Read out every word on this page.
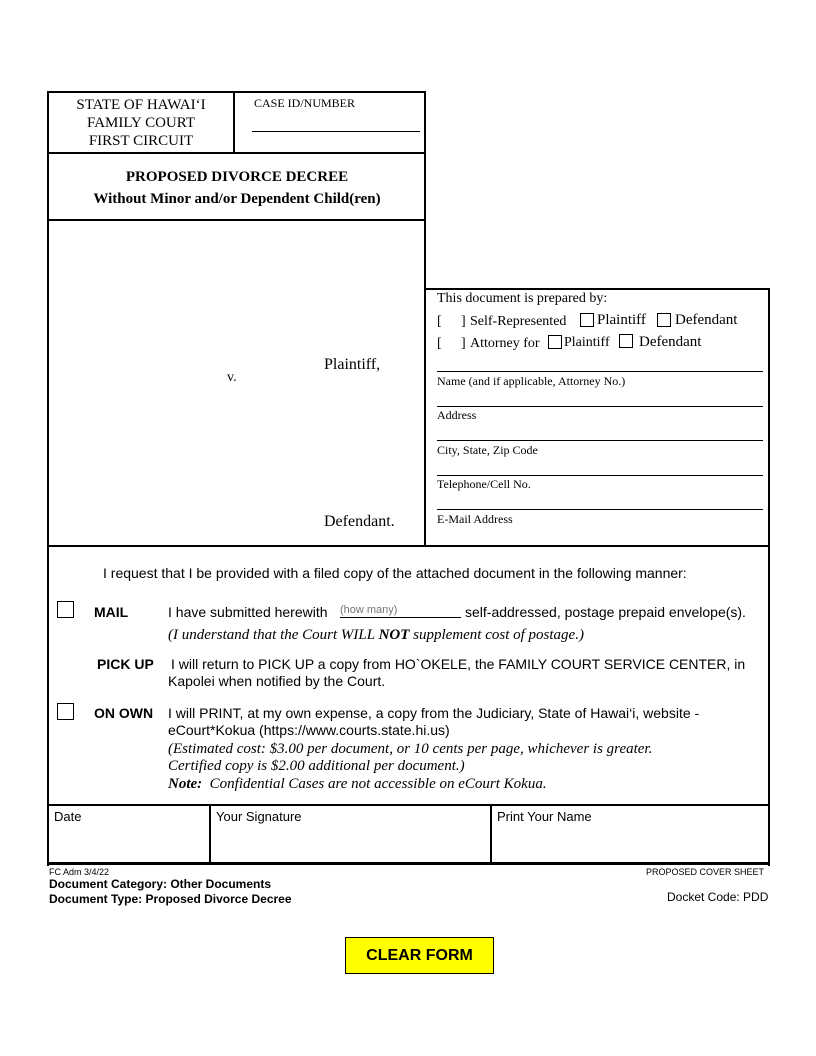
STATE OF HAWAI‘I
FAMILY COURT
FIRST CIRCUIT
CASE ID/NUMBER
PROPOSED DIVORCE DECREE
Without Minor and/or Dependent Child(ren)
Plaintiff,
v.
Defendant.
This document is prepared by:
[ ] Self-Represented Plaintiff Defendant
[ ] Attorney for Plaintiff Defendant
Name (and if applicable, Attorney No.)
Address
City, State, Zip Code
Telephone/Cell No.
E-Mail Address
I request that I be provided with a filed copy of the attached document in the following manner:
MAIL	I have submitted herewith
(how many)	self-addressed, postage prepaid envelope(s).
(I understand that the Court WILL NOT supplement cost of postage.)
PICK UP I will return to PICK UP a copy from HO`OKELE, the FAMILY COURT SERVICE CENTER, in Kapolei when notified by the Court.
ON OWN I will PRINT, at my own expense, a copy from the Judiciary, State of Hawai‘i, website - eCourt*Kokua (https://www.courts.state.hi.us)
(Estimated cost: $3.00 per document, or 10 cents per page, whichever is greater.
Certified copy is $2.00 additional per document.)
Note: Confidential Cases are not accessible on eCourt Kokua.
Date	Your Signature	Print Your Name
FC Adm 3/4/22	PROPOSED COVER SHEET
Document Category: Other Documents
Document Type: Proposed Divorce Decree	Docket Code: PDD
CLEAR FORM
